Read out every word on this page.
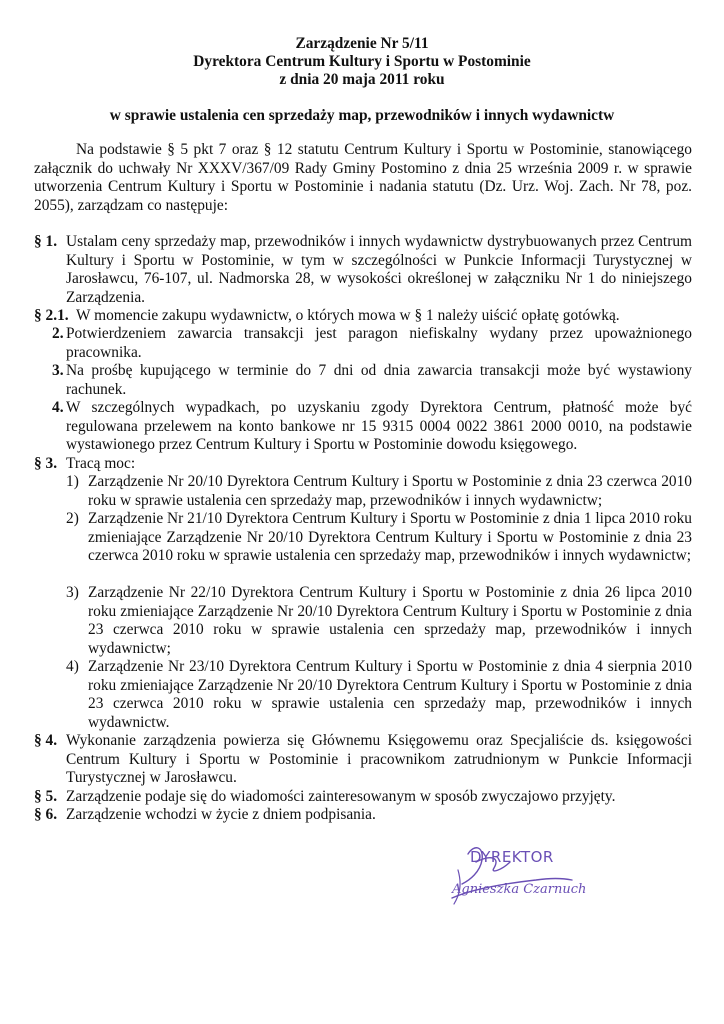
Zarządzenie Nr 5/11
Dyrektora Centrum Kultury i Sportu w Postominie
z dnia 20 maja 2011 roku
w sprawie ustalenia cen sprzedaży map, przewodników i innych wydawnictw
Na podstawie § 5 pkt 7 oraz § 12 statutu Centrum Kultury i Sportu w Postominie, stanowiącego załącznik do uchwały Nr XXXV/367/09 Rady Gminy Postomino z dnia 25 września 2009 r. w sprawie utworzenia Centrum Kultury i Sportu w Postominie i nadania statutu (Dz. Urz. Woj. Zach. Nr 78, poz. 2055), zarządzam co następuje:
§ 1. Ustalam ceny sprzedaży map, przewodników i innych wydawnictw dystrybuowanych przez Centrum Kultury i Sportu w Postominie, w tym w szczególności w Punkcie Informacji Turystycznej w Jarosławcu, 76-107, ul. Nadmorska 28, w wysokości określonej w załączniku Nr 1 do niniejszego Zarządzenia.
§ 2.1. W momencie zakupu wydawnictw, o których mowa w § 1 należy uiścić opłatę gotówką.
2. Potwierdzeniem zawarcia transakcji jest paragon niefiskalny wydany przez upoważnionego pracownika.
3. Na prośbę kupującego w terminie do 7 dni od dnia zawarcia transakcji może być wystawiony rachunek.
4. W szczególnych wypadkach, po uzyskaniu zgody Dyrektora Centrum, płatność może być regulowana przelewem na konto bankowe nr 15 9315 0004 0022 3861 2000 0010, na podstawie wystawionego przez Centrum Kultury i Sportu w Postominie dowodu księgowego.
§ 3. Tracą moc:
1) Zarządzenie Nr 20/10 Dyrektora Centrum Kultury i Sportu w Postominie z dnia 23 czerwca 2010 roku w sprawie ustalenia cen sprzedaży map, przewodników i innych wydawnictw;
2) Zarządzenie Nr 21/10 Dyrektora Centrum Kultury i Sportu w Postominie z dnia 1 lipca 2010 roku zmieniające Zarządzenie Nr 20/10 Dyrektora Centrum Kultury i Sportu w Postominie z dnia 23 czerwca 2010 roku w sprawie ustalenia cen sprzedaży map, przewodników i innych wydawnictw;
3) Zarządzenie Nr 22/10 Dyrektora Centrum Kultury i Sportu w Postominie z dnia 26 lipca 2010 roku zmieniające Zarządzenie Nr 20/10 Dyrektora Centrum Kultury i Sportu w Postominie z dnia 23 czerwca 2010 roku w sprawie ustalenia cen sprzedaży map, przewodników i innych wydawnictw;
4) Zarządzenie Nr 23/10 Dyrektora Centrum Kultury i Sportu w Postominie z dnia 4 sierpnia 2010 roku zmieniające Zarządzenie Nr 20/10 Dyrektora Centrum Kultury i Sportu w Postominie z dnia 23 czerwca 2010 roku w sprawie ustalenia cen sprzedaży map, przewodników i innych wydawnictw.
§ 4. Wykonanie zarządzenia powierza się Głównemu Księgowemu oraz Specjaliście ds. księgowości Centrum Kultury i Sportu w Postominie i pracownikom zatrudnionym w Punkcie Informacji Turystycznej w Jarosławcu.
§ 5. Zarządzenie podaje się do wiadomości zainteresowanym w sposób zwyczajowo przyjęty.
§ 6. Zarządzenie wchodzi w życie z dniem podpisania.
DYREKTOR
Agnieszka Czarnuch
